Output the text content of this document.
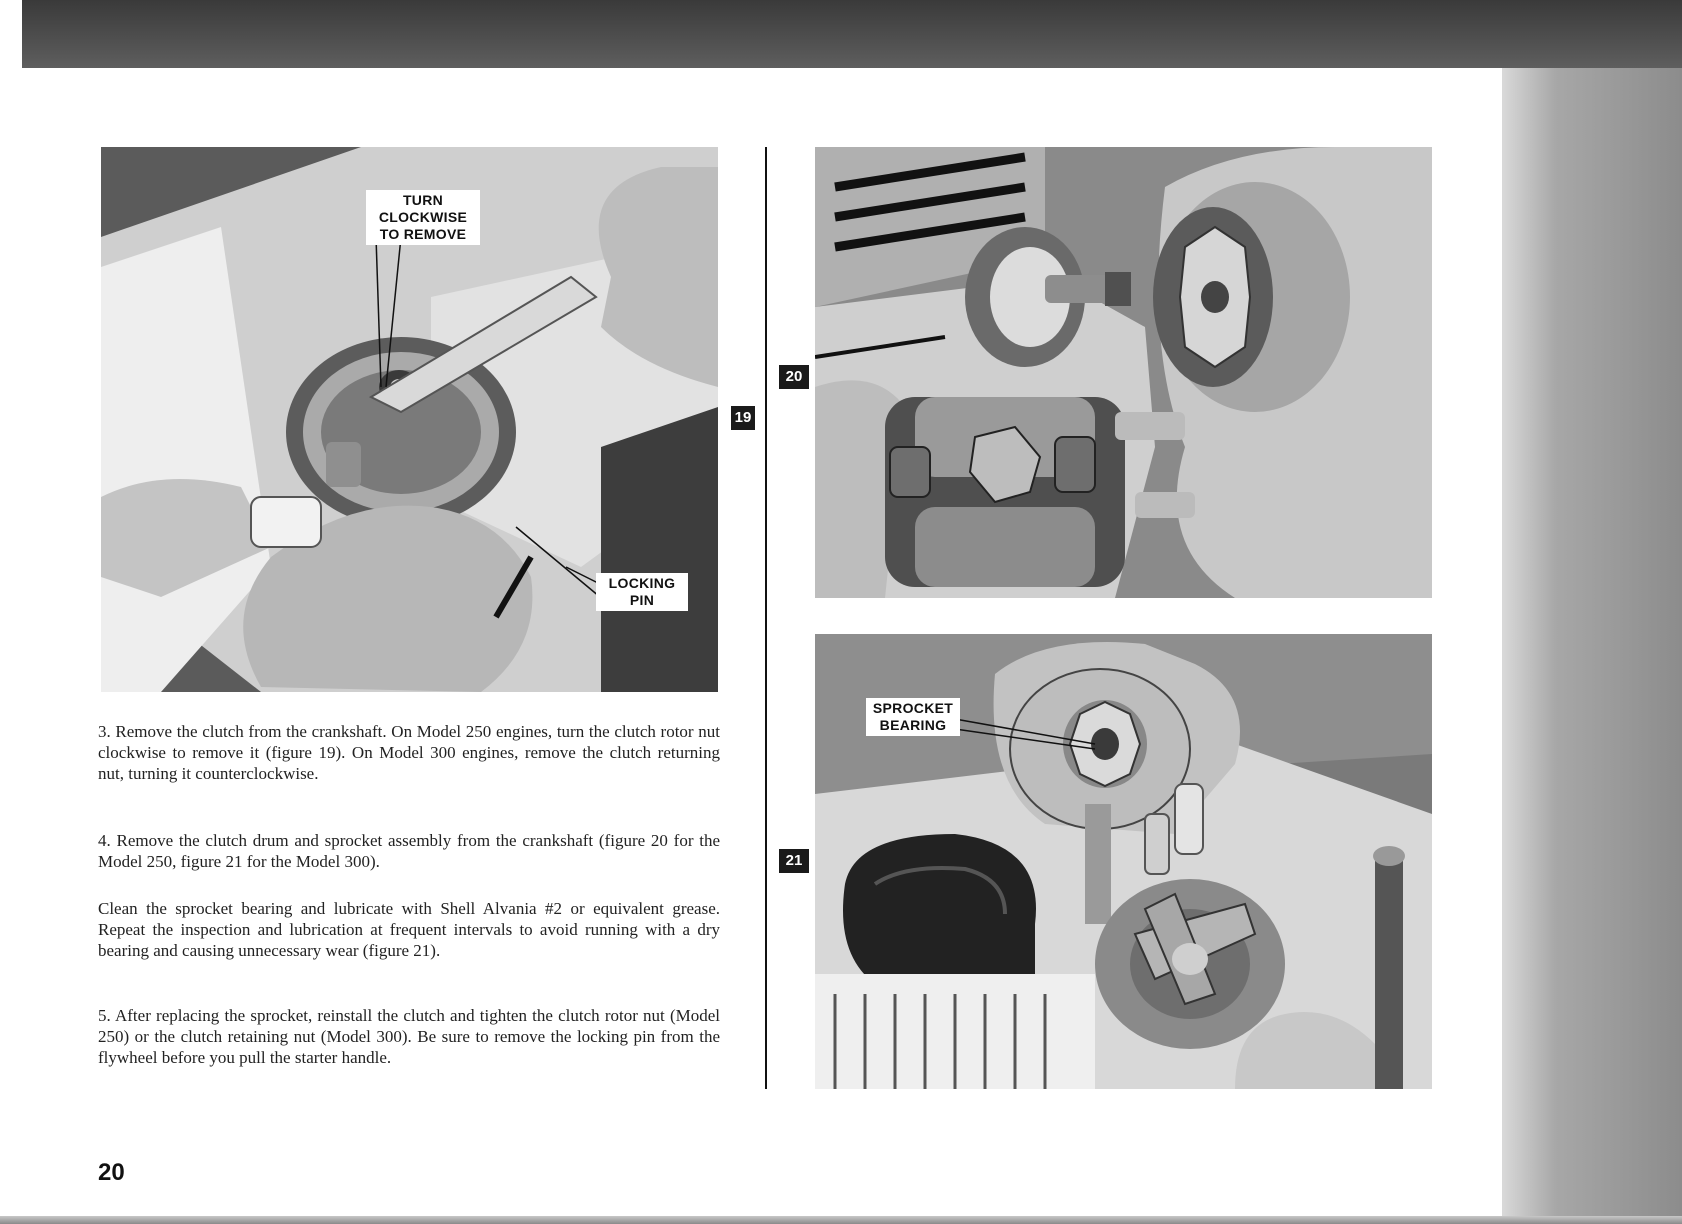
TURN
CLOCKWISE
TO REMOVE
LOCKING
PIN
19
20
SPROCKET
BEARING
21

3. Remove the clutch from the crankshaft. On Model 250 engines, turn the clutch rotor nut clockwise to remove it (figure 19). On Model 300 engines, remove the clutch returning nut, turning it counterclockwise.

4. Remove the clutch drum and sprocket assembly from the crankshaft (figure 20 for the Model 250, figure 21 for the Model 300).

Clean the sprocket bearing and lubricate with Shell Alvania #2 or equivalent grease. Repeat the inspection and lubrication at frequent intervals to avoid running with a dry bearing and causing unnecessary wear (figure 21).

5. After replacing the sprocket, reinstall the clutch and tighten the clutch rotor nut (Model 250) or the clutch retaining nut (Model 300). Be sure to remove the locking pin from the flywheel before you pull the starter handle.

20
